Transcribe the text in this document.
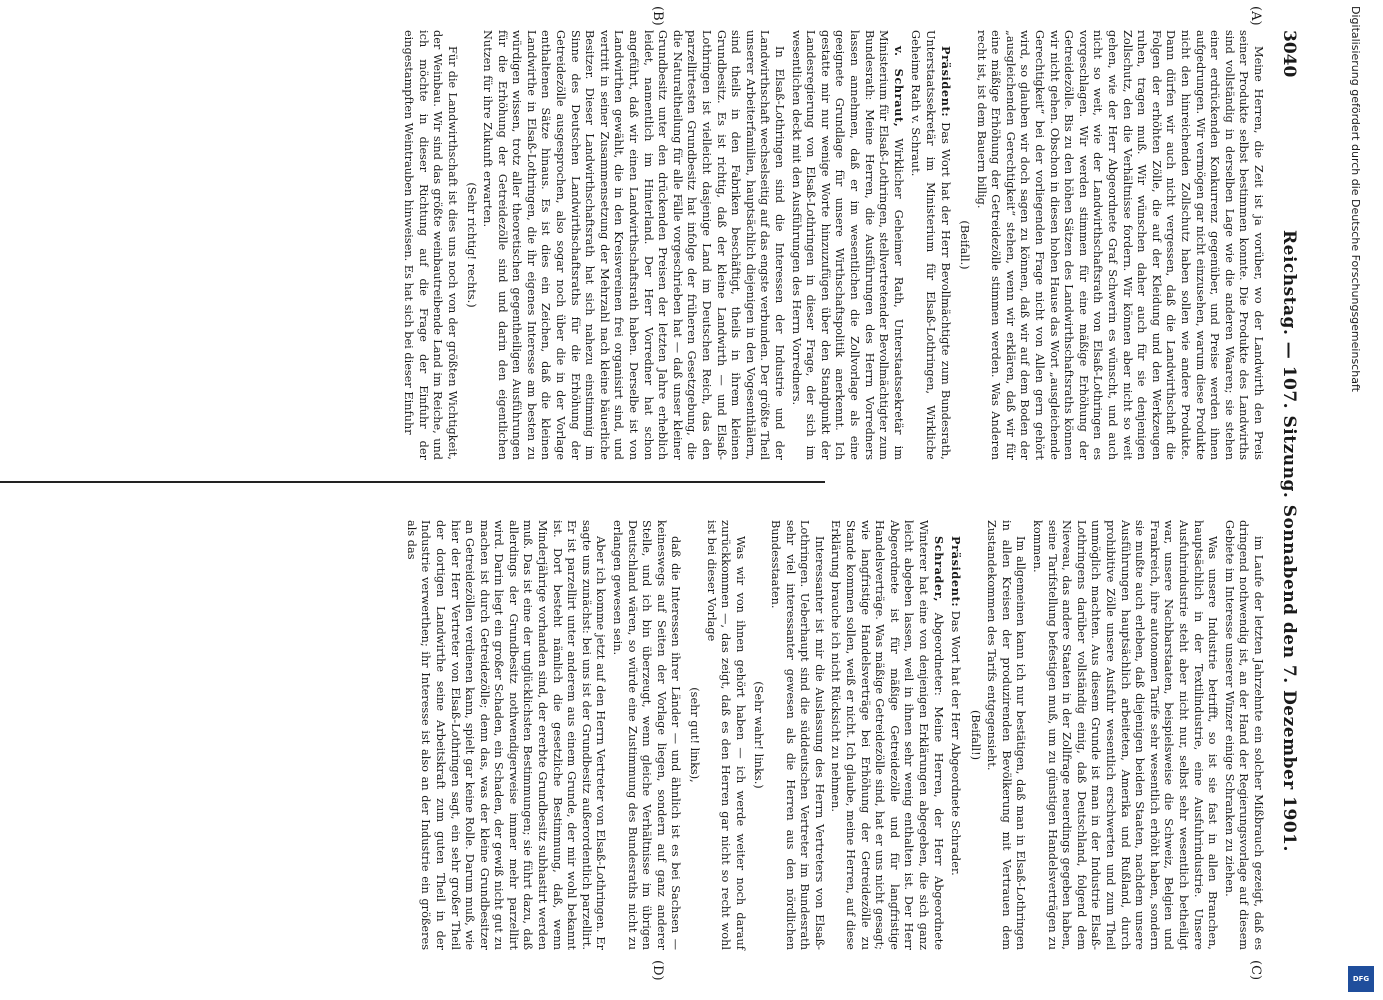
3040
Reichstag. — 107. Sitzung. Sonnabend den 7. Dezember 1901.
(A)
(B)
(C)
(D)

Meine Herren, die Zeit ist ja vorüber, wo der Landwirth den Preis seiner Produkte selbst bestimmen konnte. Die Produkte des Landwirths sind vollständig in derselben Lage wie die anderen Waaren; sie stehen einer erdrückenden Konkurrenz gegenüber, und Preise werden ihnen aufgedrungen. Wir vermögen gar nicht einzusehen, warum diese Produkte nicht den hinreichenden Zollschutz haben sollen wie andere Produkte. Dann dürfen wir auch nicht vergessen, daß die Landwirthschaft die Folgen der erhöhten Zölle, die auf der Kleidung und den Werkzeugen ruhen, tragen muß. Wir wünschen daher auch für sie denjenigen Zollschutz, den die Verhältnisse fordern. Wir können aber nicht so weit gehen, wie der Herr Abgeordnete Graf Schwerin es wünscht, und auch nicht so weit, wie der Landwirthschaftsrath von Elsaß-Lothringen es vorgeschlagen. Wir werden stimmen für eine mäßige Erhöhung der Getreidezölle. Bis zu den höhen Sätzen des Landwirthschaftsraths können wir nicht gehen. Obschon in diesen hohen Hause das Wort „ausgleichende Gerechtigkeit“ bei der vorliegenden Frage nicht von Allen gern gehört wird, so glauben wir doch sagen zu können, daß wir auf dem Boden der „ausgleichenden Gerechtigkeit“ stehen, wenn wir erklären, daß wir für eine mäßige Erhöhung der Getreidezölle stimmen werden. Was Anderen recht ist, ist dem Bauern billig.

(Beifall.)

Präsident: Das Wort hat der Herr Bevollmächtigte zum Bundesrath, Unterstaatssekretär im Ministerium für Elsaß-Lothringen, Wirkliche Geheime Rath v. Schraut.

v. Schraut, Wirklicher Geheimer Rath, Unterstaatssekretär im Ministerium für Elsaß-Lothringen, stellvertretender Bevollmächtigter zum Bundesrath: Meine Herren, die Ausführungen des Herrn Vorredners lassen annehmen, daß er im wesentlichen die Zollvorlage als eine geeignete Grundlage für unsere Wirthschaftspolitik anerkennt. Ich gestatte mir nur wenige Worte hinzuzufügen über den Standpunkt der Landesregierung von Elsaß-Lothringen in dieser Frage, der sich im wesentlichen deckt mit den Ausführungen des Herrn Vorredners.

In Elsaß-Lothringen sind die Interessen der Industrie und der Landwirthschaft wechselseitig auf das engste verbunden. Der größte Theil unserer Arbeiterfamilien, hauptsächlich diejenigen in den Vogesenthälern, sind theils in den Fabriken beschäftigt, theils in ihrem kleinen Grundbesitz. Es ist richtig, daß der kleine Landwirth — und Elsaß-Lothringen ist vielleicht dasjenige Land im Deutschen Reich, das den parzellirtesten Grundbesitz hat infolge der früheren Gesetzgebung, die die Naturaltheilung für alle Fälle vorgeschrieben hat — daß unser kleiner Grundbesitz unter den drückenden Preisen der letzten Jahre erheblich leidet, namentlich im Hinterland. Der Herr Vorredner hat schon angeführt, daß wir einen Landwirthschaftsrath haben. Derselbe ist von Landwirthen gewählt, die in den Kreisvereinen frei organisirt sind, und vertritt in seiner Zusammensetzung der Mehrzahl nach kleine bäuerliche Besitzer. Dieser Landwirthschaftsrath hat sich nahezu einstimmig im Sinne des Deutschen Landwirthschaftsraths für die Erhöhung der Getreidezölle ausgesprochen, also sogar noch über die in der Vorlage enthaltenen Sätze hinaus. Es ist dies ein Zeichen, daß die kleinen Landwirthe in Elsaß-Lothringen, die ihr eigenes Interesse am besten zu würdigen wissen, trotz aller theoretischen gegentheiligen Ausführungen für die Erhöhung der Getreidezölle sind und darin den eigentlichen Nutzen für ihre Zukunft erwarten.

(Sehr richtig! rechts.)

Für die Landwirthschaft ist dies uns noch von der größten Wichtigkeit, der Weinbau. Wir sind das größte weinbautreibende Land im Reiche, und ich möchte in dieser Richtung auf die Frage der Einfuhr der eingestampften Weintrauben hinweisen. Es hat sich bei dieser Einfuhr

im Laufe der letzten Jahrzehnte ein solcher Mißbrauch gezeigt, daß es dringend nothwendig ist, an der Hand der Regierungsvorlage auf diesem Gebiete im Interesse unserer Winzer einige Schranken zu ziehen.

Was unsere Industrie betrifft, so ist sie fast in allen Branchen, hauptsächlich in der Textilindustrie, eine Ausfuhrindustrie. Unsere Ausfuhrindustrie steht aber nicht nur, selbst sehr wesentlich betheiligt war, unsere Nachbarstaaten, beispielsweise die Schweiz, Belgien und Frankreich, ihre autonomen Tarife sehr wesentlich erhöht haben, sondern sie mußte auch erleben, daß diejenigen beiden Staaten, nachdem unsere Ausführungen hauptsächlich arbeiteten, Amerika und Rußland, durch prohibitive Zölle unsere Ausfuhr wesentlich erschwerten und zum Theil unmöglich machten. Aus diesem Grunde ist man in der Industrie Elsaß-Lothringens darüber vollständig einig, daß Deutschland, folgend dem Nieveau, das andere Staaten in der Zollfrage neuerdings gegeben haben, seine Tarifstellung befestigen muß, um zu günstigen Handelsverträgen zu kommen.

Im allgemeinen kann ich nur bestätigen, daß man in Elsaß-Lothringen in allen Kreisen der produzirenden Bevölkerung mit Vertrauen dem Zustandekommen des Tarifs entgegensieht.

(Beifall!)

Präsident: Das Wort hat der Herr Abgeordnete Schrader.

Schrader, Abgeordneter: Meine Herren, der Herr Abgeordnete Winterer hat eine von denjenigen Erklärungen abgegeben, die sich ganz leicht abgeben lassen, weil in ihnen sehr wenig enthalten ist. Der Herr Abgeordnete ist für mäßige Getreidezölle und für langfristige Handelsverträge. Was mäßige Getreidezölle sind, hat er uns nicht gesagt; wie langfristige Handelsverträge bei Erhöhung der Getreidezölle zu Stande kommen sollen, weiß er nicht. Ich glaube, meine Herren, auf diese Erklärung brauche ich nicht Rücksicht zu nehmen.

Interessanter ist mir die Auslassung des Herrn Vertreters von Elsaß-Lothringen. Ueberhaupt sind die süddeutschen Vertreter im Bundesrath sehr viel interessanter gewesen als die Herren aus den nördlichen Bundesstaaten.

(Sehr wahr! links.)

Was wir von ihnen gehört haben — ich werde weiter noch darauf zurückkommen —, das zeigt, daß es den Herren gar nicht so recht wohl ist bei dieser Vorlage

(sehr gut! links),

daß die Interessen ihrer Länder — und ähnlich ist es bei Sachsen — keineswegs auf Seiten der Vorlage liegen, sondern auf ganz anderer Stelle, und ich bin überzeugt, wenn gleiche Verhältnisse im übrigen Deutschland wären, so würde eine Zustimmung des Bundesraths nicht zu erlangen gewesen sein.

Aber ich komme jetzt auf den Herrn Vertreter von Elsaß-Lothringen. Er sagte uns zunächst: bei uns ist der Grundbesitz außerordentlich parzellirt. Er ist parzellirt unter anderem aus einem Grunde, der mir wohl bekannt ist. Dort besteht nämlich die gesetzliche Bestimmung, daß, wenn Minderjährige vorhanden sind, der ererbte Grundbesitz subhastirt werden muß. Das ist eine der unglücklichsten Bestimmungen; sie führt dazu, daß allerdings der Grundbesitz nothwendigerweise immer mehr parzellirt wird. Darin liegt ein großer Schaden, ein Schaden, der gewiß nicht gut zu machen ist durch Getreidezölle; denn das, was der kleine Grundbesitzer an Getreidezöllen verdienen kann, spielt gar keine Rolle. Darum muß, wie hier der Herr Vertreter von Elsaß-Lothringen sagt, ein sehr großer Theil der dortigen Landwirthe seine Arbeitskraft zum guten Theil in der Industrie verwerthen; ihr Interesse ist also an der Industrie ein größeres als das

Digitalisierung gefördert durch die Deutsche Forschungsgemeinschaft
DFG
